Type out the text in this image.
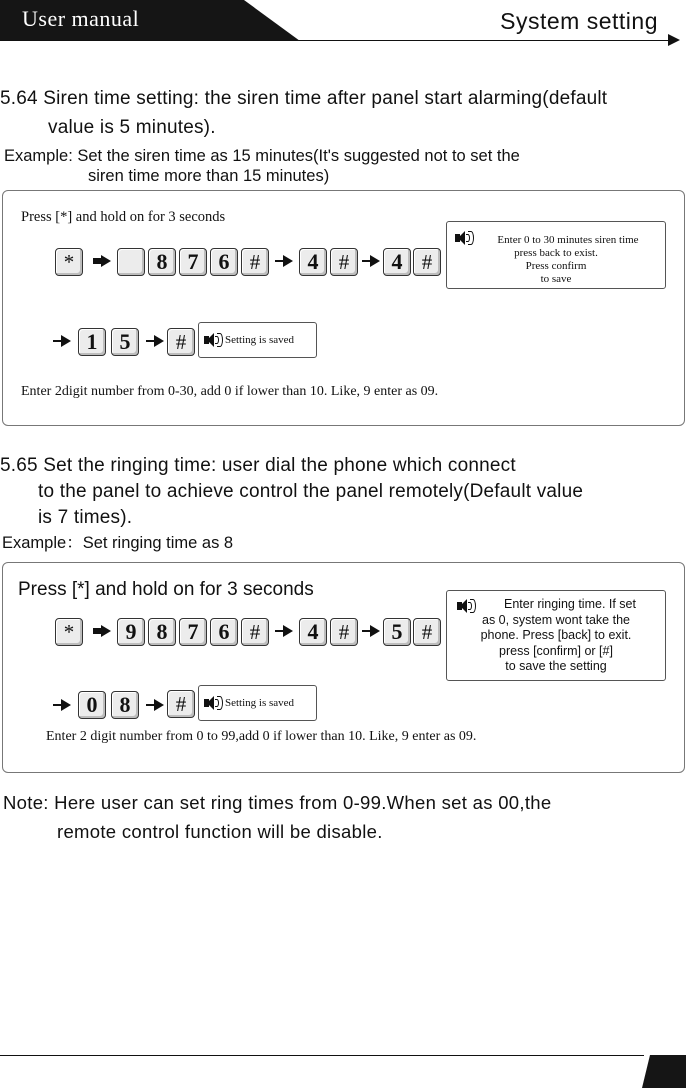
User manual	System setting
5.64 Siren time setting: the siren time after panel start alarming(default
value is 5 minutes).
Example: Set the siren time as 15 minutes(It's suggested not to set the
siren time more than 15 minutes)
Press [*] and hold on for 3 seconds
*	8 7 6 #	4 #	4 #
Enter 0 to 30 minutes siren time
press back to exist.
Press confirm
to save
1	5	#	Setting is saved
Enter 2digit number from 0-30, add 0 if lower than 10. Like, 9 enter as 09.
5.65 Set the ringing time: user dial the phone which connect
to the panel to achieve control the panel remotely(Default value
is 7 times).
Example：Set ringing time as 8
Press [*] and hold on for 3 seconds
*	9 8 7 6 #	4 #	5 #
Enter ringing time. If set
as 0, system wont take the
phone. Press [back] to exit.
press [confirm] or [#]
to save the setting
0	8	#	Setting is saved
Enter 2 digit number from 0 to 99,add 0 if lower than 10. Like, 9 enter as 09.
Note: Here user can set ring times from 0-99.When set as 00,the
remote control function will be disable.
